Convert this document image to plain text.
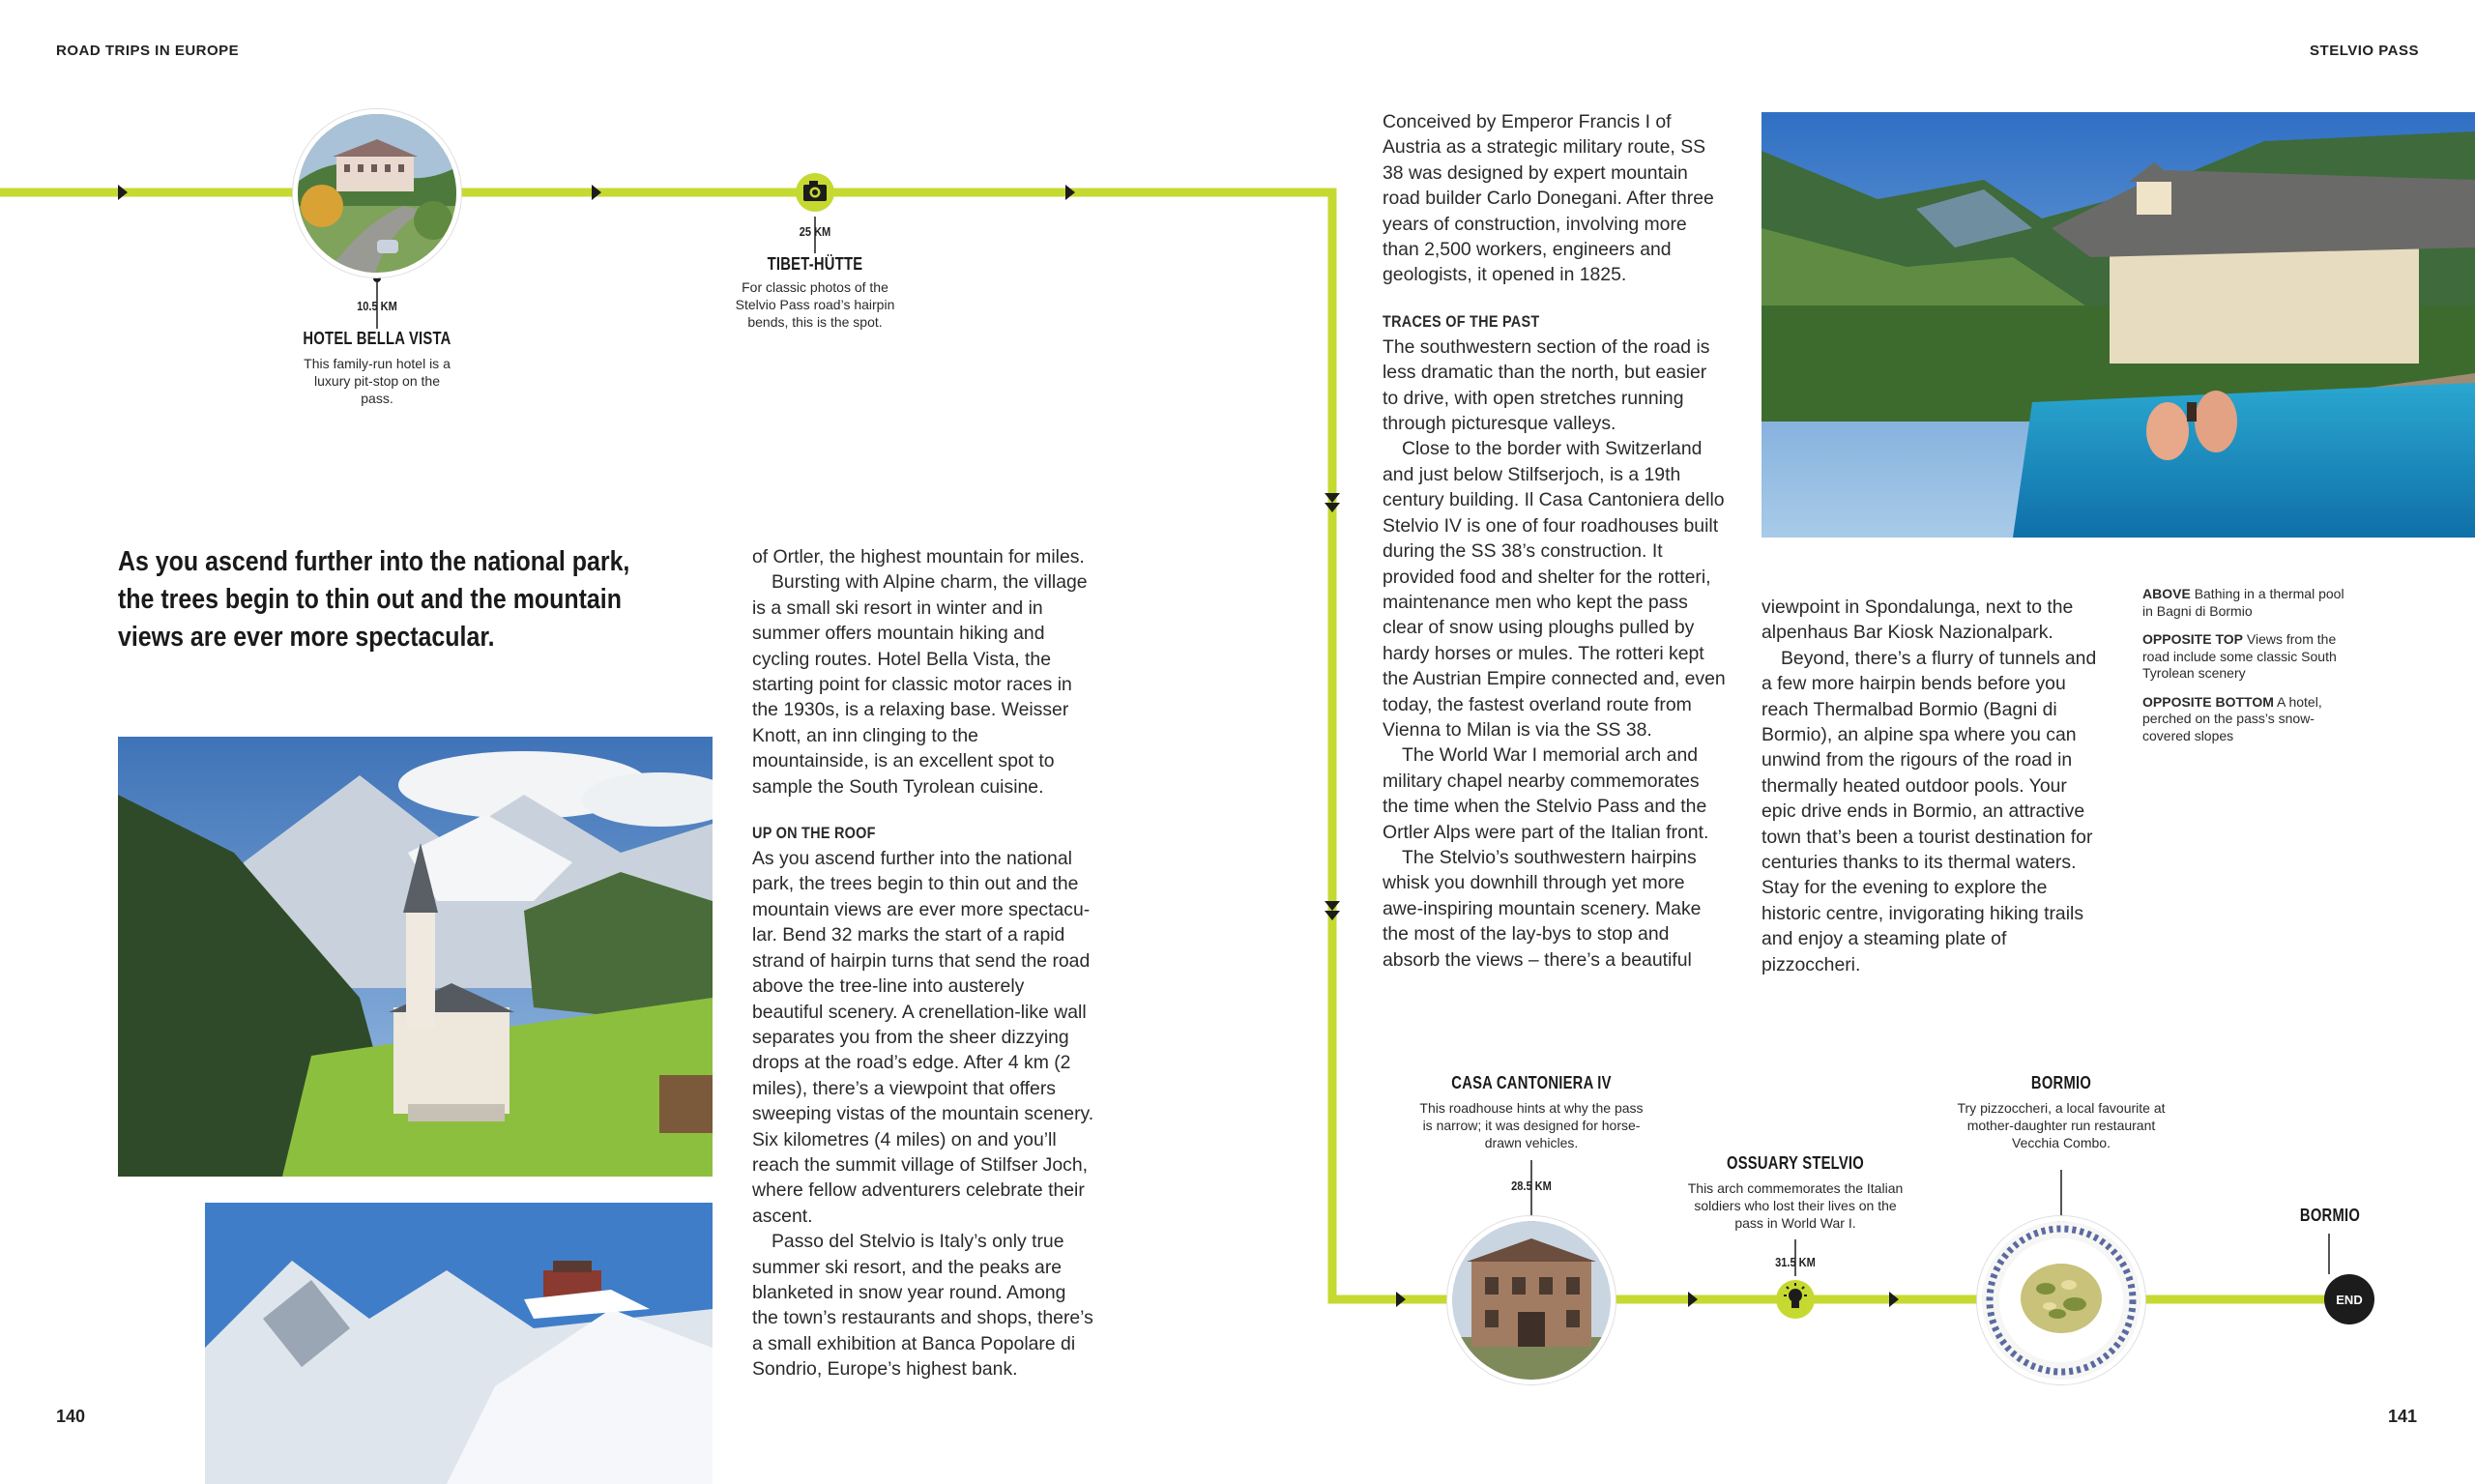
ROAD TRIPS IN EUROPE	STELVIO PASS
10.5 KM
HOTEL BELLA VISTA
This family-run hotel is a luxury pit-stop on the pass.
25 KM
TIBET-HÜTTE
For classic photos of the Stelvio Pass road’s hairpin bends, this is the spot.
As you ascend further into the national park, the trees begin to thin out and the mountain views are ever more spectacular.

of Ortler, the highest mountain for miles.

Bursting with Alpine charm, the village is a small ski resort in winter and in summer offers mountain hiking and cycling routes. Hotel Bella Vista, the starting point for classic motor races in the 1930s, is a relaxing base. Weisser Knott, an inn clinging to the mountainside, is an excellent spot to sample the South Tyrolean cuisine.

UP ON THE ROOF

As you ascend further into the national park, the trees begin to thin out and the mountain views are ever more spectacu-lar. Bend 32 marks the start of a rapid strand of hairpin turns that send the road above the tree-line into austerely beautiful scenery. A crenellation-like wall separates you from the sheer dizzying drops at the road’s edge. After 4 km (2 miles), there’s a viewpoint that offers sweeping vistas of the mountain scenery. Six kilometres (4 miles) on and you’ll reach the summit village of Stilfser Joch, where fellow adventurers celebrate their ascent.

Passo del Stelvio is Italy’s only true summer ski resort, and the peaks are blanketed in snow year round. Among the town’s restaurants and shops, there’s a small exhibition at Banca Popolare di Sondrio, Europe’s highest bank.

Conceived by Emperor Francis I of Austria as a strategic military route, SS 38 was designed by expert mountain road builder Carlo Donegani. After three years of construction, involving more than 2,500 workers, engineers and geologists, it opened in 1825.

TRACES OF THE PAST

The southwestern section of the road is less dramatic than the north, but easier to drive, with open stretches running through picturesque valleys.

Close to the border with Switzerland and just below Stilfserjoch, is a 19th century building. Il Casa Cantoniera dello Stelvio IV is one of four roadhouses built during the SS 38’s construction. It provided food and shelter for the rotteri, maintenance men who kept the pass clear of snow using ploughs pulled by hardy horses or mules. The rotteri kept the Austrian Empire connected and, even today, the fastest overland route from Vienna to Milan is via the SS 38.

The World War I memorial arch and military chapel nearby commemorates the time when the Stelvio Pass and the Ortler Alps were part of the Italian front.

The Stelvio’s southwestern hairpins whisk you downhill through yet more awe-inspiring mountain scenery. Make the most of the lay-bys to stop and absorb the views – there’s a beautiful

viewpoint in Spondalunga, next to the alpenhaus Bar Kiosk Nazionalpark.

Beyond, there’s a flurry of tunnels and a few more hairpin bends before you reach Thermalbad Bormio (Bagni di Bormio), an alpine spa where you can unwind from the rigours of the road in thermally heated outdoor pools. Your epic drive ends in Bormio, an attractive town that’s been a tourist destination for centuries thanks to its thermal waters. Stay for the evening to explore the historic centre, invigorating hiking trails and enjoy a steaming plate of pizzoccheri.

ABOVE Bathing in a thermal pool in Bagni di Bormio

OPPOSITE TOP Views from the road include some classic South Tyrolean scenery

OPPOSITE BOTTOM A hotel, perched on the pass’s snow-covered slopes

CASA CANTONIERA IV
This roadhouse hints at why the pass is narrow; it was designed for horse-drawn vehicles.
28.5 KM
OSSUARY STELVIO
This arch commemorates the Italian soldiers who lost their lives on the pass in World War I.
31.5 KM
BORMIO
Try pizzoccheri, a local favourite at mother-daughter run restaurant Vecchia Combo.
BORMIO
END
140	141
